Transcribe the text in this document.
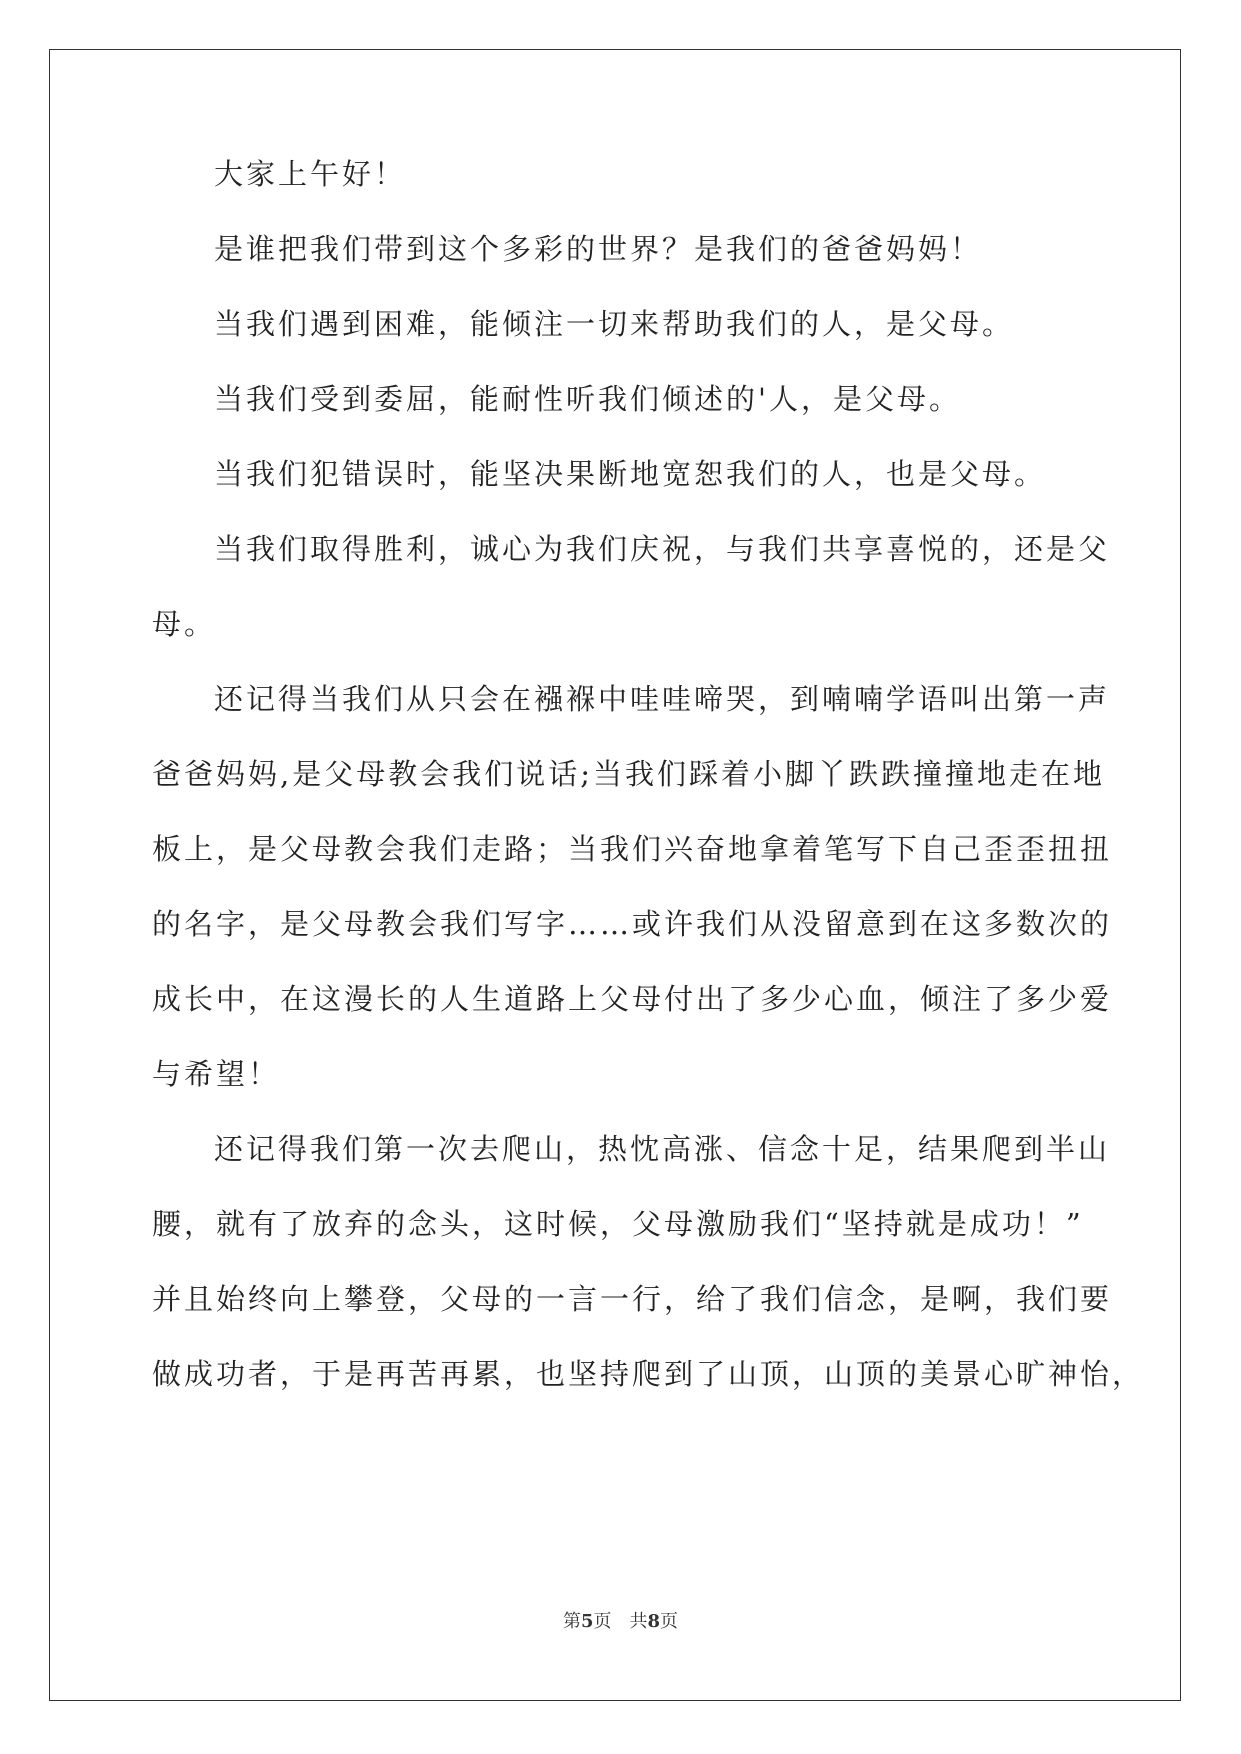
大家上午好！
是谁把我们带到这个多彩的世界？是我们的爸爸妈妈！
当我们遇到困难，能倾注一切来帮助我们的人，是父母。
当我们受到委屈，能耐性听我们倾述的'人，是父母。
当我们犯错误时，能坚决果断地宽恕我们的人，也是父母。
当我们取得胜利，诚心为我们庆祝，与我们共享喜悦的，还是父
母。
还记得当我们从只会在襁褓中哇哇啼哭，到喃喃学语叫出第一声
爸爸妈妈,是父母教会我们说话;当我们踩着小脚丫跌跌撞撞地走在地
板上，是父母教会我们走路；当我们兴奋地拿着笔写下自己歪歪扭扭
的名字，是父母教会我们写字……或许我们从没留意到在这多数次的
成长中，在这漫长的人生道路上父母付出了多少心血，倾注了多少爱
与希望！
还记得我们第一次去爬山，热忱高涨、信念十足，结果爬到半山
腰，就有了放弃的念头，这时候，父母激励我们“坚持就是成功！”
并且始终向上攀登，父母的一言一行，给了我们信念，是啊，我们要
做成功者，于是再苦再累，也坚持爬到了山顶，山顶的美景心旷神怡，
第5页　共8页
